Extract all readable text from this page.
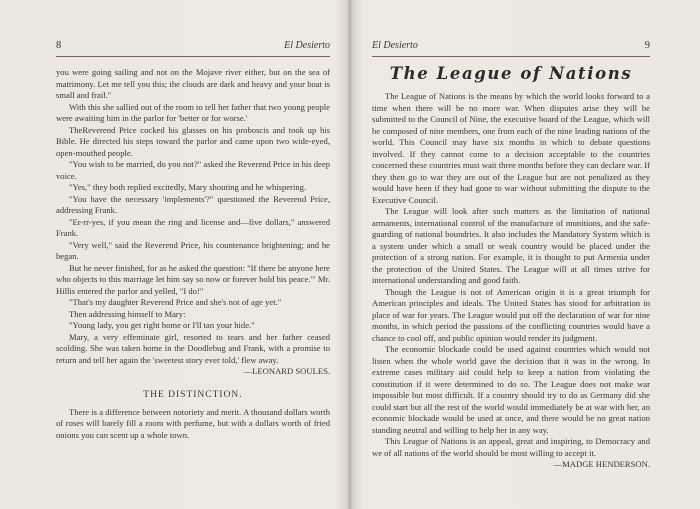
8	El Desierto

you were going sailing and not on the Mojave river either, but on the sea of matrimony. Let me tell you this; the clouds are dark and heavy and your boat is small and frail."

With this she sallied out of the room to tell her father that two young people were awaiting him in the parlor for 'better or for worse.'

TheReverend Price cocked his glasses on his proboscis and took up his Bible. He directed his steps toward the parlor and came upon two wide-eyed, open-mouthed people.

"You wish to be married, do you not?" asked the Reverend Price in his deep voice.

"Yes," they both replied excitedly, Mary shouting and he whispering.

"You have the necessary 'implements'?" questioned the Reverend Price, addressing Frank.

"Er-rr-yes, if you mean the ring and license and—five dollars," answered Frank.

"Very well," said the Reverend Price, his countenance brightening; and he began.

But he never finished, for as he asked the question: "If there be anyone here who objects to this marriage let him say so now or forever hold his peace.'" Mr. Hillis entered the parlor and yelled, "I do!"

"That's my daughter Reverend Price and she's not of age yet."

Then addressing himself to Mary:

"Young lady, you get right home or I'll tan your hide."

Mary, a very effeminate girl, resorted to tears and her father ceased scolding. She was taken home in the Doodlebug and Frank, with a promise to return and tell her again the 'sweetest story ever told,' flew away.

—LEONARD SOULES.

THE DISTINCTION.

There is a difference between notoriety and merit. A thousand dollars worth of roses will barely fill a room with perfume, but with a dollars worth of fried onions you can scent up a whole town.

El Desierto	9
The League of Nations

The League of Nations is the means by which the world looks forward to a time when there will be no more war. When disputes arise they will be submitted to the Council of Nine, the executive board of the League, which will be composed of nine members, one from each of the nine leading nations of the world. This Council may have six months in which to debate questions involved. If they cannot come to a decision acceptable to the countries concerned these countries must wait three months before they can declare war. If they then go to war they are out of the League but are not penalized as they would have been if they had gone to war without submitting the dispute to the Executive Council.

The League will look after such matters as the limitation of national armaments, international control of the manufacture of munitions, and the safe-guarding of national boundries. It also includes the Mandatory System which is a system under which a small or weak country would be placed under the protection of a strong nation. For example, it is thought to put Armenia under the protection of the United States. The League will at all times strive for international understanding and good faith.

Though the League is not of American origin it is a great triumph for American principles and ideals. The United States has stood for arbitration in place of war for years. The League would put off the declaration of war for nine months, in which period the passions of the conflicting countries would have a chance to cool off, and public opinion would render its judgment.

The economic blockade could be used against countries which would not listen when the whole world gave the decision that it was in the wrong. In extreme cases military aid could help to keep a nation from violating the constitution if it were determined to do so. The League does not make war impossible but most difficult. If a country should try to do as Germany did she could start but all the rest of the world would immediately be at war with her, an economic blockade would be used at once, and there would be no great nation standing neutral and willing to help her in any way.

This League of Nations is an appeal, great and inspiring, to Democracy and we of all nations of the world should be most willing to accept it.

—MADGE HENDERSON.
